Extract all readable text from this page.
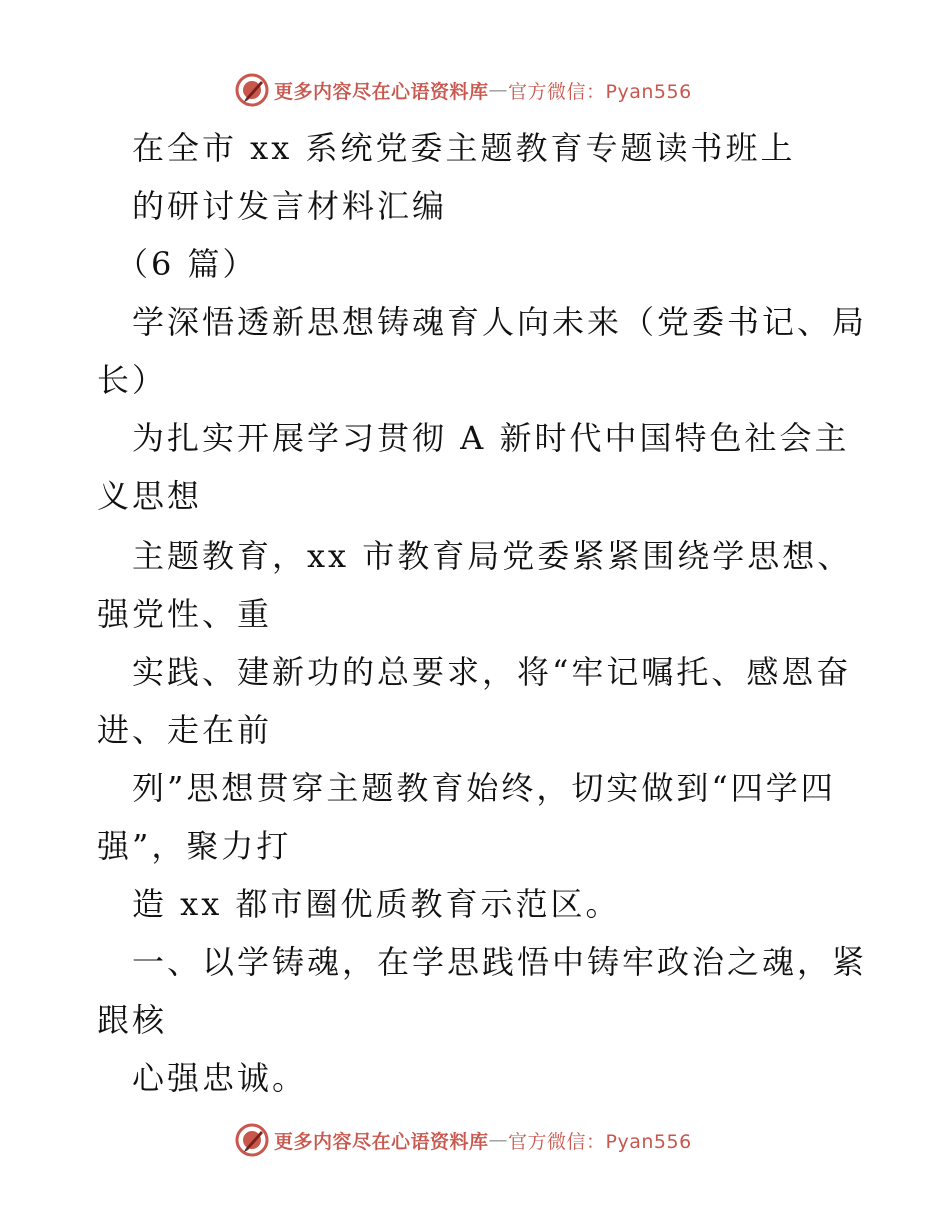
更多内容尽在心语资料库 — 官方微信：Pyan556
　在全市 xx 系统党委主题教育专题读书班上
　的研讨发言材料汇编
　（6 篇）
　学深悟透新思想铸魂育人向未来（党委书记、局
长）
　为扎实开展学习贯彻 A 新时代中国特色社会主
义思想
　主题教育，xx 市教育局党委紧紧围绕学思想、
强党性、重
　实践、建新功的总要求，将“牢记嘱托、感恩奋
进、走在前
　列”思想贯穿主题教育始终，切实做到“四学四
强”，聚力打
　造 xx 都市圈优质教育示范区。
　一、以学铸魂，在学思践悟中铸牢政治之魂，紧
跟核
　心强忠诚。
更多内容尽在心语资料库 — 官方微信：Pyan556
